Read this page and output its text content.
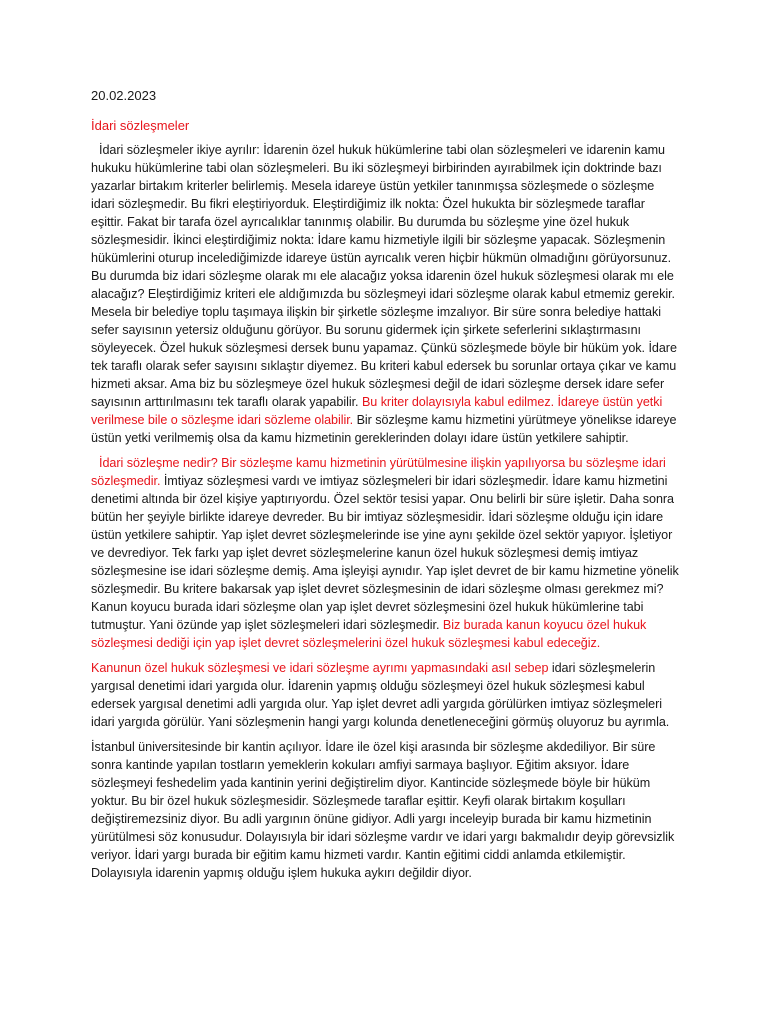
20.02.2023
İdari sözleşmeler

İdari sözleşmeler ikiye ayrılır: İdarenin özel hukuk hükümlerine tabi olan sözleşmeleri ve idarenin kamu hukuku hükümlerine tabi olan sözleşmeleri. Bu iki sözleşmeyi birbirinden ayırabilmek için doktrinde bazı yazarlar birtakım kriterler belirlemiş. Mesela idareye üstün yetkiler tanınmışsa sözleşmede o sözleşme idari sözleşmedir. Bu fikri eleştiriyorduk. Eleştirdiğimiz ilk nokta: Özel hukukta bir sözleşmede taraflar eşittir. Fakat bir tarafa özel ayrıcalıklar tanınmış olabilir. Bu durumda bu sözleşme yine özel hukuk sözleşmesidir. İkinci eleştirdiğimiz nokta: İdare kamu hizmetiyle ilgili bir sözleşme yapacak. Sözleşmenin hükümlerini oturup incelediğimizde idareye üstün ayrıcalık veren hiçbir hükmün olmadığını görüyorsunuz. Bu durumda biz idari sözleşme olarak mı ele alacağız yoksa idarenin özel hukuk sözleşmesi olarak mı ele alacağız? Eleştirdiğimiz kriteri ele aldığımızda bu sözleşmeyi idari sözleşme olarak kabul etmemiz gerekir. Mesela bir belediye toplu taşımaya ilişkin bir şirketle sözleşme imzalıyor. Bir süre sonra belediye hattaki sefer sayısının yetersiz olduğunu görüyor. Bu sorunu gidermek için şirkete seferlerini sıklaştırmasını söyleyecek. Özel hukuk sözleşmesi dersek bunu yapamaz. Çünkü sözleşmede böyle bir hüküm yok. İdare tek taraflı olarak sefer sayısını sıklaştır diyemez. Bu kriteri kabul edersek bu sorunlar ortaya çıkar ve kamu hizmeti aksar. Ama biz bu sözleşmeye özel hukuk sözleşmesi değil de idari sözleşme dersek idare sefer sayısının arttırılmasını tek taraflı olarak yapabilir. Bu kriter dolayısıyla kabul edilmez. İdareye üstün yetki verilmese bile o sözleşme idari sözleme olabilir. Bir sözleşme kamu hizmetini yürütmeye yönelikse idareye üstün yetki verilmemiş olsa da kamu hizmetinin gereklerinden dolayı idare üstün yetkilere sahiptir.

İdari sözleşme nedir? Bir sözleşme kamu hizmetinin yürütülmesine ilişkin yapılıyorsa bu sözleşme idari sözleşmedir. İmtiyaz sözleşmesi vardı ve imtiyaz sözleşmeleri bir idari sözleşmedir. İdare kamu hizmetini denetimi altında bir özel kişiye yaptırıyordu. Özel sektör tesisi yapar. Onu belirli bir süre işletir. Daha sonra bütün her şeyiyle birlikte idareye devreder. Bu bir imtiyaz sözleşmesidir. İdari sözleşme olduğu için idare üstün yetkilere sahiptir. Yap işlet devret sözleşmelerinde ise yine aynı şekilde özel sektör yapıyor. İşletiyor ve devrediyor. Tek farkı yap işlet devret sözleşmelerine kanun özel hukuk sözleşmesi demiş imtiyaz sözleşmesine ise idari sözleşme demiş. Ama işleyişi aynıdır. Yap işlet devret de bir kamu hizmetine yönelik sözleşmedir. Bu kritere bakarsak yap işlet devret sözleşmesinin de idari sözleşme olması gerekmez mi? Kanun koyucu burada idari sözleşme olan yap işlet devret sözleşmesini özel hukuk hükümlerine tabi tutmuştur. Yani özünde yap işlet sözleşmeleri idari sözleşmedir. Biz burada kanun koyucu özel hukuk sözleşmesi dediği için yap işlet devret sözleşmelerini özel hukuk sözleşmesi kabul edeceğiz.

Kanunun özel hukuk sözleşmesi ve idari sözleşme ayrımı yapmasındaki asıl sebep idari sözleşmelerin yargısal denetimi idari yargıda olur. İdarenin yapmış olduğu sözleşmeyi özel hukuk sözleşmesi kabul edersek yargısal denetimi adli yargıda olur. Yap işlet devret adli yargıda görülürken imtiyaz sözleşmeleri idari yargıda görülür. Yani sözleşmenin hangi yargı kolunda denetleneceğini görmüş oluyoruz bu ayrımla.

İstanbul üniversitesinde bir kantin açılıyor. İdare ile özel kişi arasında bir sözleşme akdediliyor. Bir süre sonra kantinde yapılan tostların yemeklerin kokuları amfiyi sarmaya başlıyor. Eğitim aksıyor. İdare sözleşmeyi feshedelim yada kantinin yerini değiştirelim diyor. Kantincide sözleşmede böyle bir hüküm yoktur. Bu bir özel hukuk sözleşmesidir. Sözleşmede taraflar eşittir. Keyfi olarak birtakım koşulları değiştiremezsiniz diyor. Bu adli yargının önüne gidiyor. Adli yargı inceleyip burada bir kamu hizmetinin yürütülmesi söz konusudur. Dolayısıyla bir idari sözleşme vardır ve idari yargı bakmalıdır deyip görevsizlik veriyor. İdari yargı burada bir eğitim kamu hizmeti vardır. Kantin eğitimi ciddi anlamda etkilemiştir. Dolayısıyla idarenin yapmış olduğu işlem hukuka aykırı değildir diyor.
